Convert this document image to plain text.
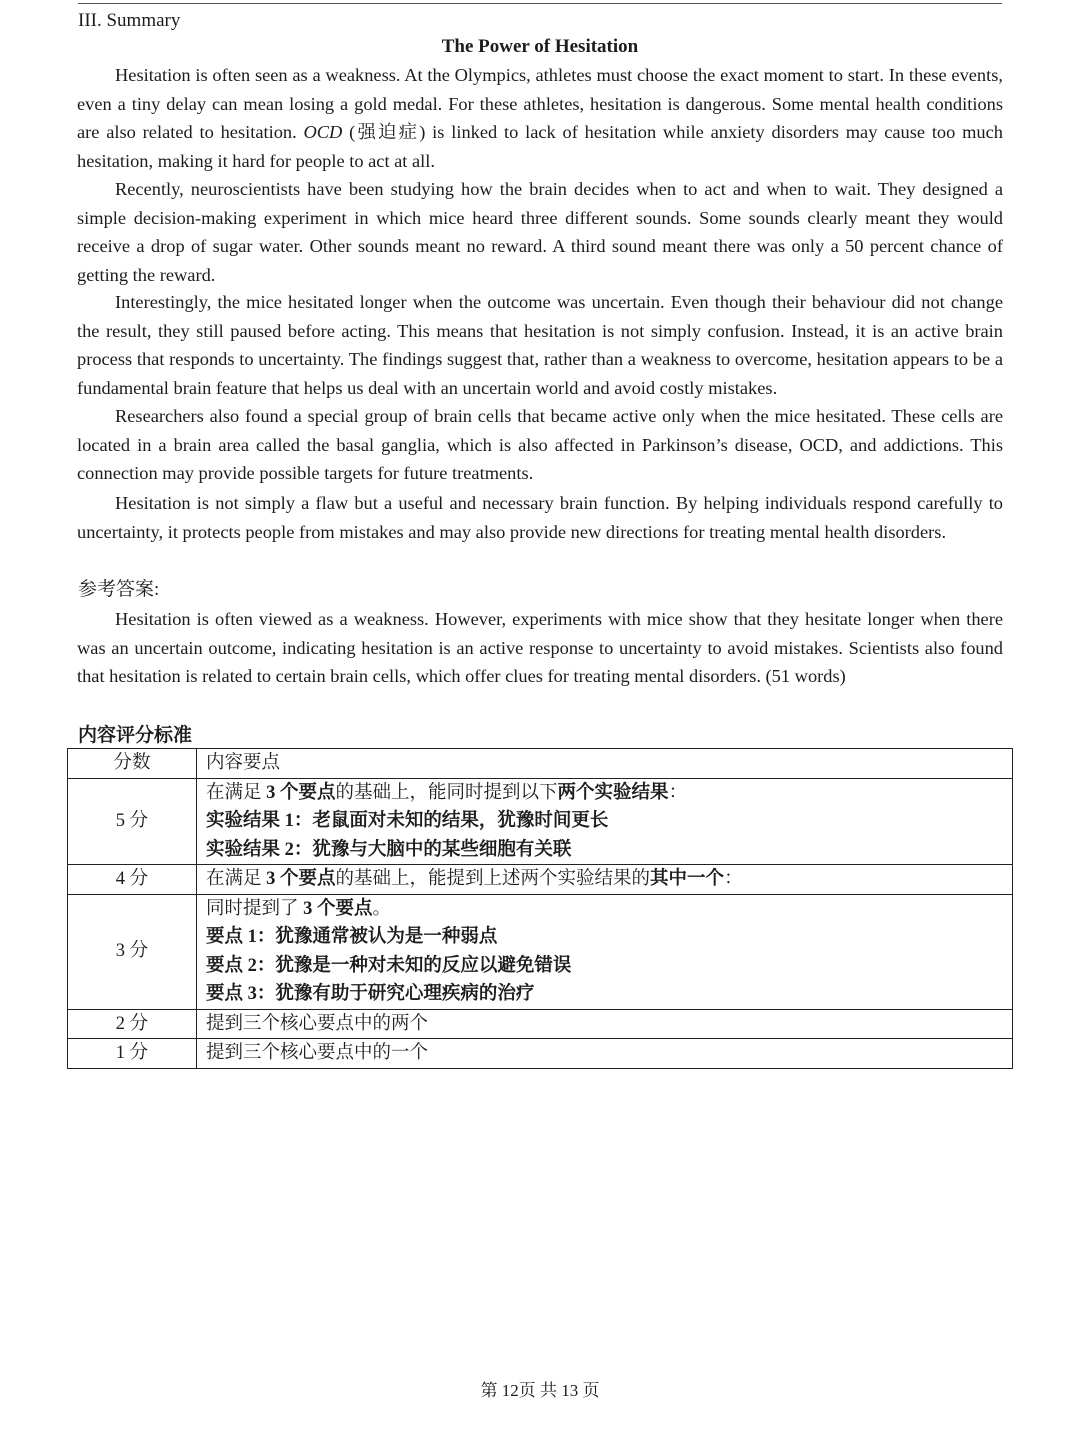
III. Summary
The Power of Hesitation

Hesitation is often seen as a weakness. At the Olympics, athletes must choose the exact moment to start. In these events, even a tiny delay can mean losing a gold medal. For these athletes, hesitation is dangerous. Some mental health conditions are also related to hesitation. OCD (强迫症) is linked to lack of hesitation while anxiety disorders may cause too much hesitation, making it hard for people to act at all.

Recently, neuroscientists have been studying how the brain decides when to act and when to wait. They designed a simple decision-making experiment in which mice heard three different sounds. Some sounds clearly meant they would receive a drop of sugar water. Other sounds meant no reward. A third sound meant there was only a 50 percent chance of getting the reward.

Interestingly, the mice hesitated longer when the outcome was uncertain. Even though their behaviour did not change the result, they still paused before acting. This means that hesitation is not simply confusion. Instead, it is an active brain process that responds to uncertainty. The findings suggest that, rather than a weakness to overcome, hesitation appears to be a fundamental brain feature that helps us deal with an uncertain world and avoid costly mistakes.

Researchers also found a special group of brain cells that became active only when the mice hesitated. These cells are located in a brain area called the basal ganglia, which is also affected in Parkinson’s disease, OCD, and addictions. This connection may provide possible targets for future treatments.

Hesitation is not simply a flaw but a useful and necessary brain function. By helping individuals respond carefully to uncertainty, it protects people from mistakes and may also provide new directions for treating mental health disorders.

参考答案:

Hesitation is often viewed as a weakness. However, experiments with mice show that they hesitate longer when there was an uncertain outcome, indicating hesitation is an active response to uncertainty to avoid mistakes. Scientists also found that hesitation is related to certain brain cells, which offer clues for treating mental disorders. (51 words)

内容评分标准
分数	内容要点

5 分	在满足 3 个要点的基础上，能同时提到以下两个实验结果：
实验结果 1：老鼠面对未知的结果，犹豫时间更长
实验结果 2：犹豫与大脑中的某些细胞有关联

4 分	在满足 3 个要点的基础上，能提到上述两个实验结果的其中一个：

3 分	同时提到了 3 个要点。
要点 1：犹豫通常被认为是一种弱点
要点 2：犹豫是一种对未知的反应以避免错误
要点 3：犹豫有助于研究心理疾病的治疗

2 分	提到三个核心要点中的两个

1 分	提到三个核心要点中的一个
第 12页 共 13 页
